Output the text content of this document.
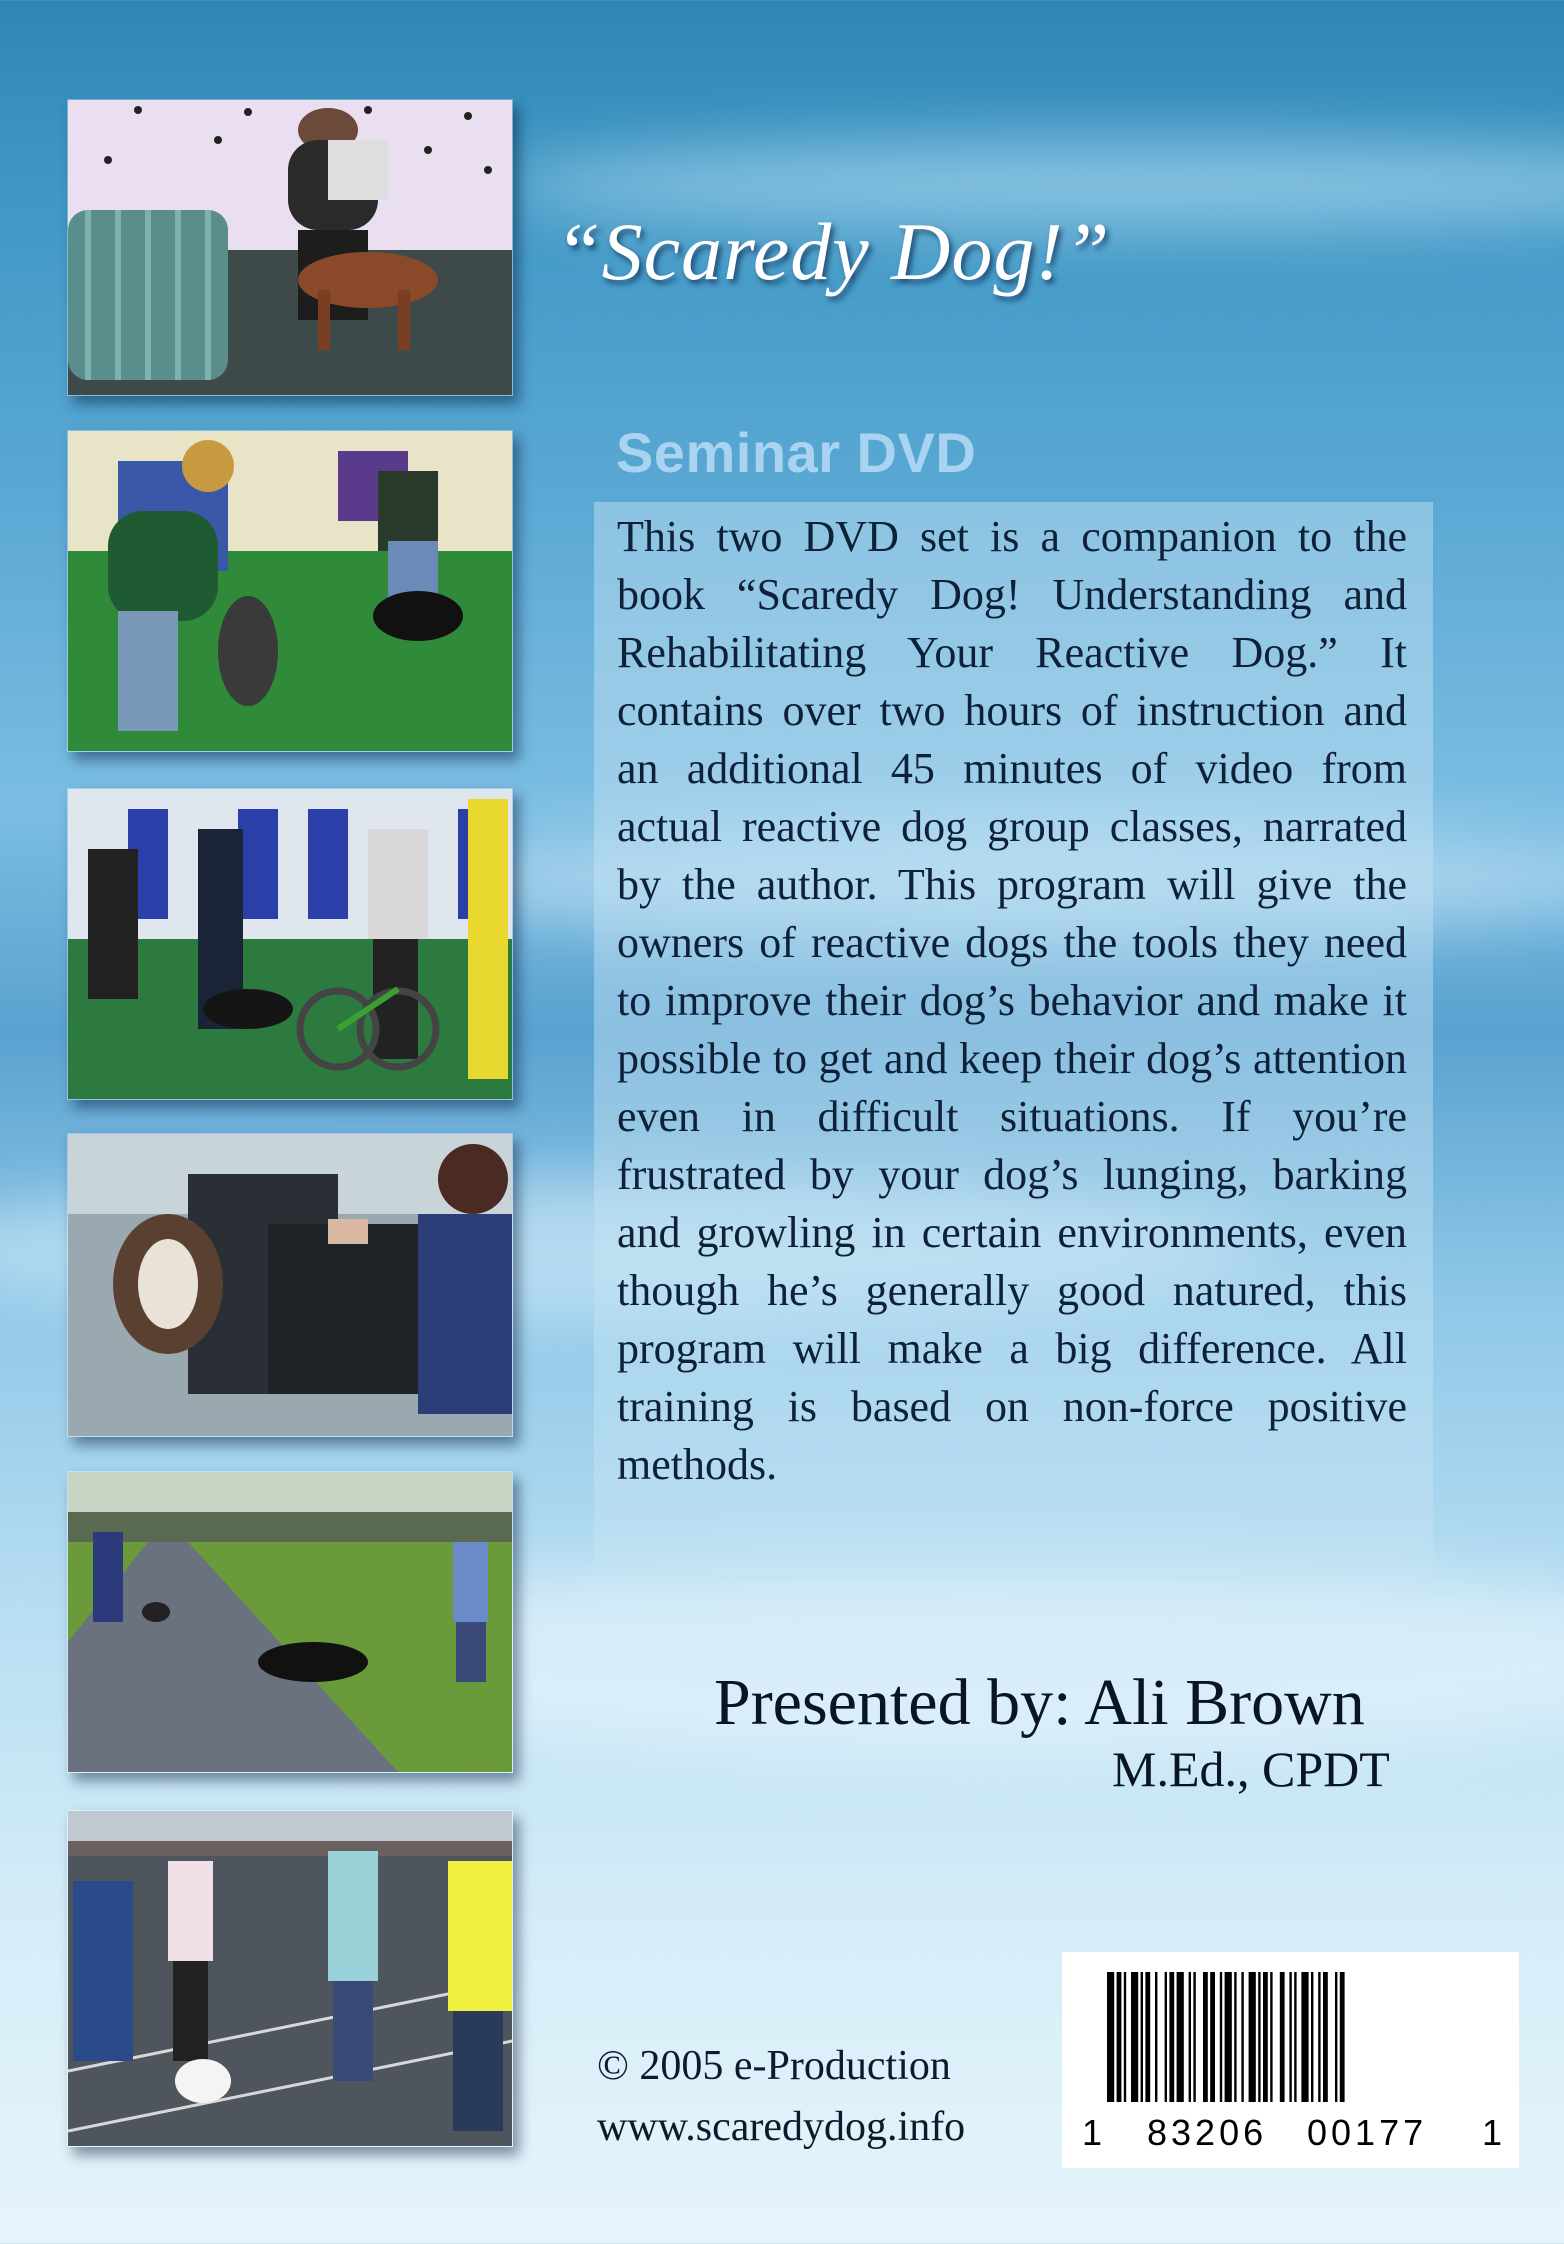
“Scaredy Dog!”
Seminar DVD
This two DVD set is a companion to the book “Scaredy Dog! Understanding and Rehabilitating Your Reactive Dog.” It contains over two hours of instruction and an additional 45 minutes of video from actual reactive dog group classes, narrated by the author. This program will give the owners of reactive dogs the tools they need to improve their dog’s behavior and make it possible to get and keep their dog’s attention even in difficult situations. If you’re frustrated by your dog’s lunging, barking and growling in certain environments, even though he’s generally good natured, this program will make a big difference. All training is based on non-force positive methods.
Presented by: Ali Brown
M.Ed., CPDT
© 2005 e-Production
www.scaredydog.info	1 83206 00177 1
